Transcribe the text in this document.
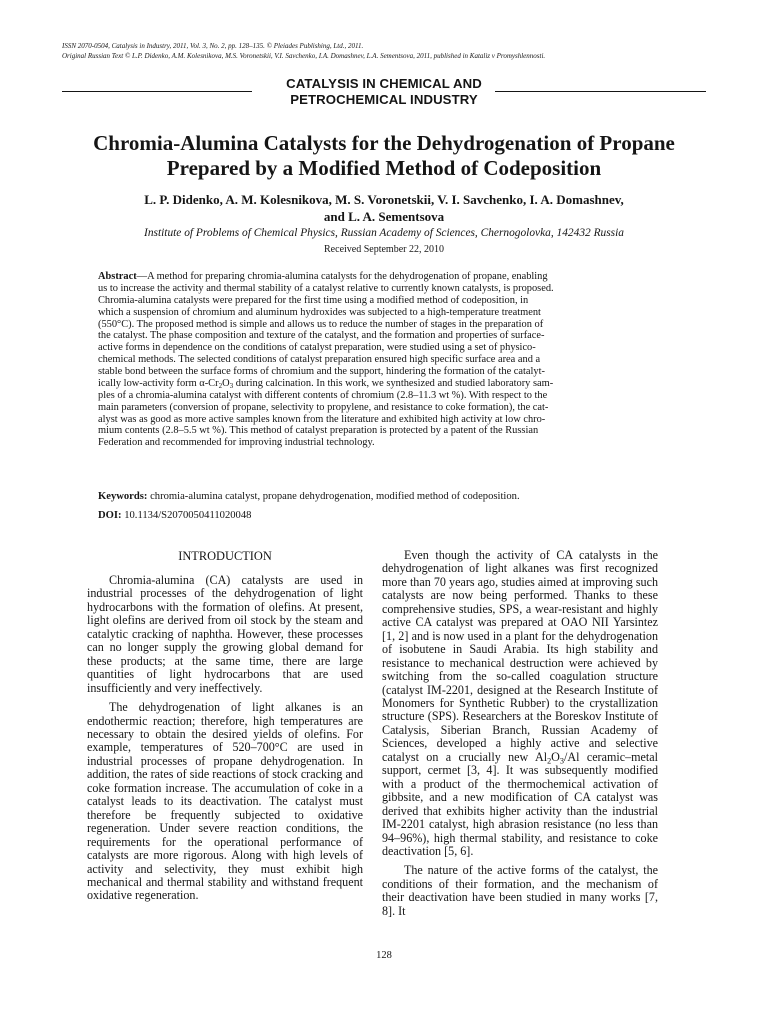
ISSN 2070-0504, Catalysis in Industry, 2011, Vol. 3, No. 2, pp. 128–135. © Pleiades Publishing, Ltd., 2011.
Original Russian Text © L.P. Didenko, A.M. Kolesnikova, M.S. Voronetskii, V.I. Savchenko, I.A. Domashnev, L.A. Sementsova, 2011, published in Kataliz v Promyshlennosti.
CATALYSIS IN CHEMICAL AND
PETROCHEMICAL INDUSTRY
Chromia-Alumina Catalysts for the Dehydrogenation of Propane
Prepared by a Modified Method of Codeposition
L. P. Didenko, A. M. Kolesnikova, M. S. Voronetskii, V. I. Savchenko, I. A. Domashnev,
and L. A. Sementsova
Institute of Problems of Chemical Physics, Russian Academy of Sciences, Chernogolovka, 142432 Russia
Received September 22, 2010
Abstract—A method for preparing chromia-alumina catalysts for the dehydrogenation of propane, enabling
us to increase the activity and thermal stability of a catalyst relative to currently known catalysts, is proposed.
Chromia-alumina catalysts were prepared for the first time using a modified method of codeposition, in
which a suspension of chromium and aluminum hydroxides was subjected to a high-temperature treatment
(550°C). The proposed method is simple and allows us to reduce the number of stages in the preparation of
the catalyst. The phase composition and texture of the catalyst, and the formation and properties of surface-
active forms in dependence on the conditions of catalyst preparation, were studied using a set of physico-
chemical methods. The selected conditions of catalyst preparation ensured high specific surface area and a
stable bond between the surface forms of chromium and the support, hindering the formation of the catalyt-
ically low-activity form $\alpha-Cr_2O_3$ during calcination. In this work, we synthesized and studied laboratory sam-
ples of a chromia-alumina catalyst with different contents of chromium (2.8–11.3 wt %). With respect to the
main parameters (conversion of propane, selectivity to propylene, and resistance to coke formation), the cat-
alyst was as good as more active samples known from the literature and exhibited high activity at low chro-
mium contents (2.8–5.5 wt %). This method of catalyst preparation is protected by a patent of the Russian
Federation and recommended for improving industrial technology.
Keywords: chromia-alumina catalyst, propane dehydrogenation, modified method of codeposition.
DOI: 10.1134/S2070050411020048
INTRODUCTION

Chromia-alumina (CA) catalysts are used in industrial processes of the dehydrogenation of light hydrocarbons with the formation of olefins. At present, light olefins are derived from oil stock by the steam and catalytic cracking of naphtha. However, these processes can no longer supply the growing global demand for these products; at the same time, there are large quantities of light hydrocarbons that are used insufficiently and very ineffectively.

The dehydrogenation of light alkanes is an endothermic reaction; therefore, high temperatures are necessary to obtain the desired yields of olefins. For example, temperatures of 520–700°C are used in industrial processes of propane dehydrogenation. In addition, the rates of side reactions of stock cracking and coke formation increase. The accumulation of coke in a catalyst leads to its deactivation. The catalyst must therefore be frequently subjected to oxidative regeneration. Under severe reaction conditions, the requirements for the operational performance of catalysts are more rigorous. Along with high levels of activity and selectivity, they must exhibit high mechanical and thermal stability and withstand frequent oxidative regeneration.

Even though the activity of CA catalysts in the dehydrogenation of light alkanes was first recognized more than 70 years ago, studies aimed at improving such catalysts are now being performed. Thanks to these comprehensive studies, SPS, a wear-resistant and highly active CA catalyst was prepared at OAO NII Yarsintez [1, 2] and is now used in a plant for the dehydrogenation of isobutene in Saudi Arabia. Its high stability and resistance to mechanical destruction were achieved by switching from the so-called coagulation structure (catalyst IM-2201, designed at the Research Institute of Monomers for Synthetic Rubber) to the crystallization structure (SPS). Researchers at the Boreskov Institute of Catalysis, Siberian Branch, Russian Academy of Sciences, developed a highly active and selective catalyst on a crucially new $Al_2O_3/Al$ ceramic–metal support, cermet [3, 4]. It was subsequently modified with a product of the thermochemical activation of gibbsite, and a new modification of CA catalyst was derived that exhibits higher activity than the industrial IM-2201 catalyst, high abrasion resistance (no less than 94–96%), high thermal stability, and resistance to coke deactivation [5, 6].

The nature of the active forms of the catalyst, the conditions of their formation, and the mechanism of their deactivation have been studied in many works [7, 8]. It

128
